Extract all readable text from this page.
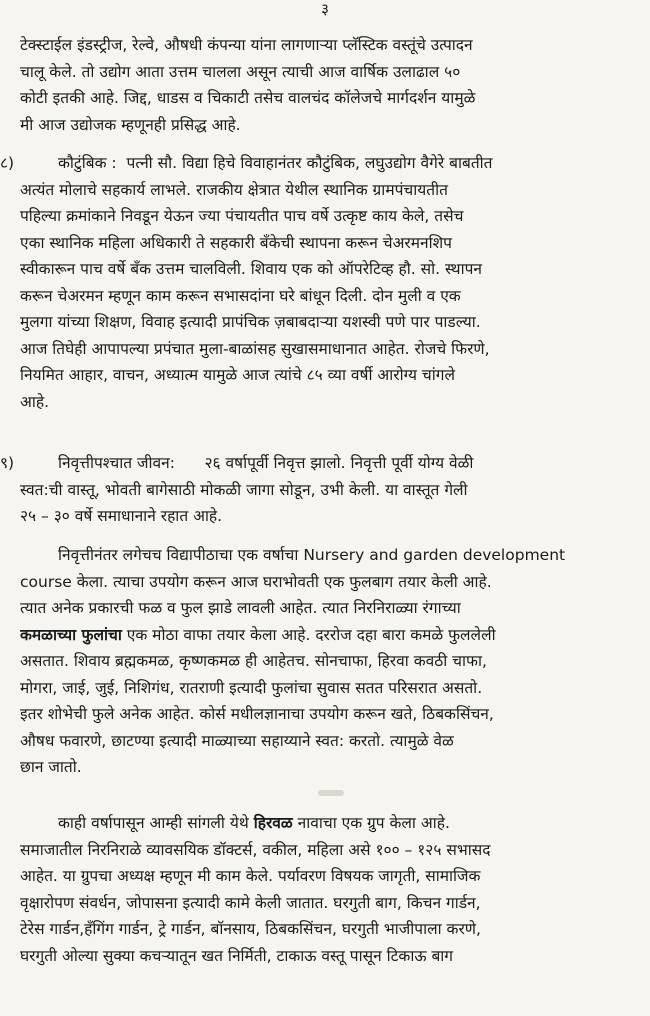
३
टेक्स्टाईल इंडस्ट्रीज, रेल्वे, औषधी कंपन्या यांना लागणाऱ्या प्लॅस्टिक वस्तूंचे उत्पादन
चालू केले. तो उद्योग आता उत्तम चालला असून त्याची आज वार्षिक उलाढाल ५०
कोटी इतकी आहे. जिद्द, धाडस व चिकाटी तसेच वालचंद कॉलेजचे मार्गदर्शन यामुळे
मी आज उद्योजक म्हणूनही प्रसिद्ध आहे.
८)	कौटुंबिक : पत्नी सौ. विद्या हिचे विवाहानंतर कौटुंबिक, लघुउद्योग वैगेरे बाबतीत
अत्यंत मोलाचे सहकार्य लाभले. राजकीय क्षेत्रात येथील स्थानिक ग्रामपंचायतीत
पहिल्या क्रमांकाने निवडून येऊन ज्या पंचायतीत पाच वर्षे उत्कृष्ट काय केले, तसेच
एका स्थानिक महिला अधिकारी ते सहकारी बँकेची स्थापना करून चेअरमनशिप
स्वीकारून पाच वर्षे बँक उत्तम चालविली. शिवाय एक को ऑपरेटिव्ह हौ. सो. स्थापन
करून चेअरमन म्हणून काम करून सभासदांना घरे बांधून दिली. दोन मुली व एक
मुलगा यांच्या शिक्षण, विवाह इत्यादी प्रापंचिक ज़बाबदाऱ्या यशस्वी पणे पार पाडल्या.
आज तिघेही आपापल्या प्रपंचात मुला-बाळांसह सुखासमाधानात आहेत. रोजचे फिरणे,
नियमित आहार, वाचन, अध्यात्म यामुळे आज त्यांचे ८५ व्या वर्षी आरोग्य चांगले
आहे.
९)	निवृत्तीपश्चात जीवन: २६ वर्षापूर्वी निवृत्त झालो. निवृत्ती पूर्वी योग्य वेळी
स्वत:ची वास्तू, भोवती बागेसाठी मोकळी जागा सोडून, उभी केली. या वास्तूत गेली
२५ – ३० वर्षे समाधानाने रहात आहे.
निवृत्तीनंतर लगेचच विद्यापीठाचा एक वर्षाचा Nursery and garden development
course केला. त्याचा उपयोग करून आज घराभोवती एक फुलबाग तयार केली आहे.
त्यात अनेक प्रकारची फळ व फुल झाडे लावली आहेत. त्यात निरनिराळ्या रंगाच्या
कमळाच्या फुलांचा एक मोठा वाफा तयार केला आहे. दररोज दहा बारा कमळे फुललेली
असतात. शिवाय ब्रह्मकमळ, कृष्णकमळ ही आहेतच. सोनचाफा, हिरवा कवठी चाफा,
मोगरा, जाई, जुई, निशिगंध, रातराणी इत्यादी फुलांचा सुवास सतत परिसरात असतो.
इतर शोभेची फुले अनेक आहेत. कोर्स मधीलज्ञानाचा उपयोग करून खते, ठिबकसिंचन,
औषध फवारणे, छाटण्या इत्यादी माळ्याच्या सहाय्याने स्वत: करतो. त्यामुळे वेळ
छान जातो.
काही वर्षापासून आम्ही सांगली येथे हिरवळ नावाचा एक ग्रुप केला आहे.
समाजातील निरनिराळे व्यावसयिक डॉक्टर्स, वकील, महिला असे १०० – १२५ सभासद
आहेत. या ग्रुपचा अध्यक्ष म्हणून मी काम केले. पर्यावरण विषयक जागृती, सामाजिक
वृक्षारोपण संवर्धन, जोपासना इत्यादी कामे केली जातात. घरगुती बाग, किचन गार्डन,
टेरेस गार्डन,हँगिंग गार्डन, ट्रे गार्डन, बॉनसाय, ठिबकसिंचन, घरगुती भाजीपाला करणे,
घरगुती ओल्या सुक्या कचऱ्यातून खत निर्मिती, टाकाऊ वस्तू पासून टिकाऊ बाग
